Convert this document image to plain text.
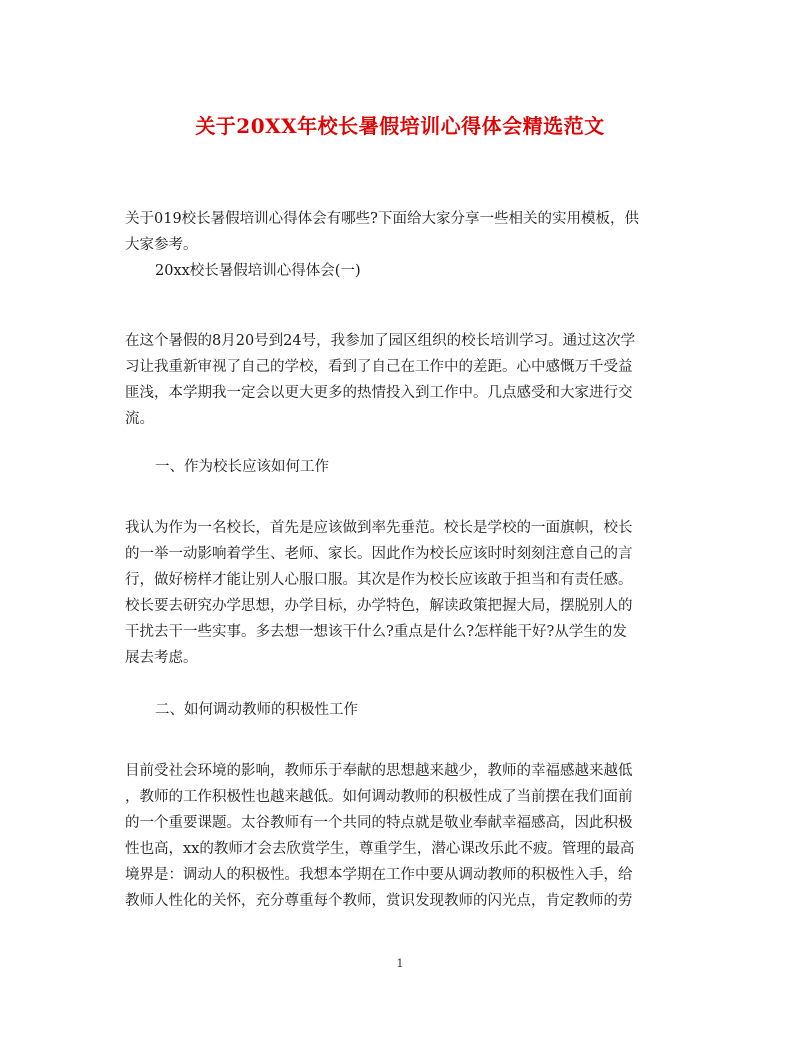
关于20XX年校长暑假培训心得体会精选范文

关于019校长暑假培训心得体会有哪些?下面给大家分享一些相关的实用模板，供
大家参考。

20xx校长暑假培训心得体会(一)

在这个暑假的8月20号到24号，我参加了园区组织的校长培训学习。通过这次学
习让我重新审视了自己的学校，看到了自己在工作中的差距。心中感慨万千受益
匪浅，本学期我一定会以更大更多的热情投入到工作中。几点感受和大家进行交
流。

一、作为校长应该如何工作

我认为作为一名校长，首先是应该做到率先垂范。校长是学校的一面旗帜，校长
的一举一动影响着学生、老师、家长。因此作为校长应该时时刻刻注意自己的言
行，做好榜样才能让别人心服口服。其次是作为校长应该敢于担当和有责任感。
校长要去研究办学思想，办学目标，办学特色，解读政策把握大局，摆脱别人的
干扰去干一些实事。多去想一想该干什么?重点是什么?怎样能干好?从学生的发
展去考虑。

二、如何调动教师的积极性工作

目前受社会环境的影响，教师乐于奉献的思想越来越少，教师的幸福感越来越低
，教师的工作积极性也越来越低。如何调动教师的积极性成了当前摆在我们面前
的一个重要课题。太谷教师有一个共同的特点就是敬业奉献幸福感高，因此积极
性也高，xx的教师才会去欣赏学生，尊重学生，潜心课改乐此不疲。管理的最高
境界是：调动人的积极性。我想本学期在工作中要从调动教师的积极性入手，给
教师人性化的关怀，充分尊重每个教师，赏识发现教师的闪光点，肯定教师的劳

1
